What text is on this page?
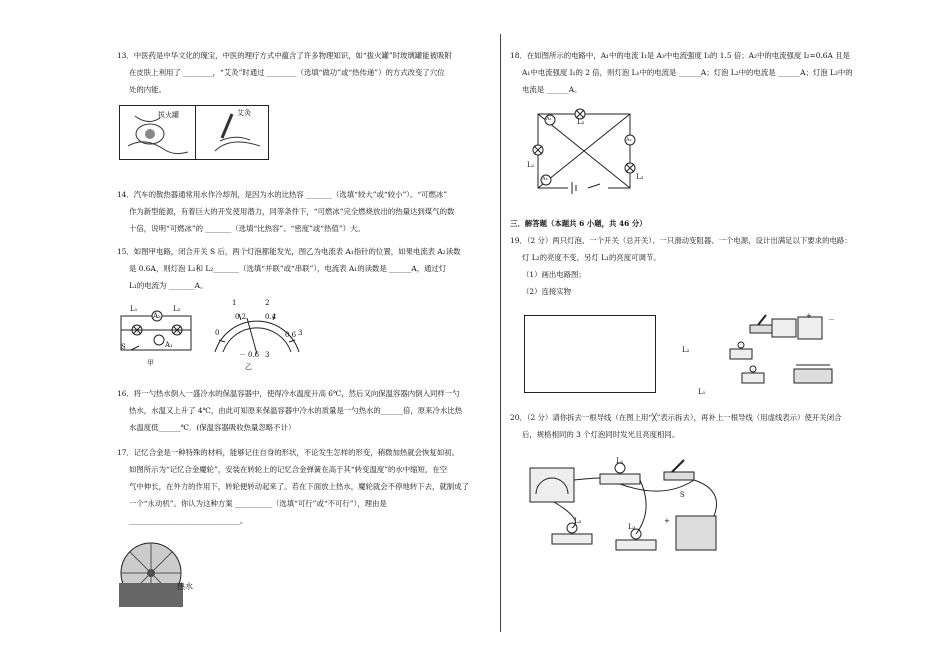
13．中医药是中华文化的瑰宝，中医的理疗方式中蕴含了许多物理知识，如“拔火罐”时玻璃罐能被吸附
在皮肤上利用了 ________，“艾灸”时通过 ________（选填“做功”或“热传递”）的方式改变了穴位
处的内能。
拔火罐	艾灸
14．汽车的散热器通常用水作冷却剂，是因为水的比热容 _______（选填“较大”或“较小”）。“可燃冰”
作为新型能源，有着巨大的开发使用潜力，同等条件下，“可燃冰”完全燃烧放出的热量达到煤气的数
十倍，说明“可燃冰”的 _______（选填“比热容”、“密度”或“热值”）大。
15．如图甲电路，闭合开关 S 后，两个灯泡都能发光，图乙为电流表 A₁指针的位置，如果电流表 A₂读数
是 0.6A，则灯泡 L₁和 L₂_______（选填“并联”或“串联”），电流表 A₁的读数是 ______A，通过灯
L₁的电流为 _______A。
L₁
A₂
L₂
S	A₁
甲
1	2
0
0.2	0.4
3
0.6
－ 0.6 3
乙
16．将一勺热水倒入一盛冷水的保温容器中，使得冷水温度升高 6℃，然后又向保温容器内倒入同样一勺
热水，水温又上升了 4℃，由此可知原来保温容器中冷水的质量是一勺热水的______倍，原来冷水比热
水温度低______℃．(保温容器吸收热量忽略不计）
17．记忆合金是一种特殊的材料，能够记住自身的形状，不论发生怎样的形变，稍微加热就会恢复如初。
如图所示为“记忆合金魔轮”，安装在转轮上的记忆合金弹簧在高于其“转变温度”的水中缩短，在空
气中伸长，在外力的作用下，转轮便转动起来了。若在下面放上热水，魔轮就会不停地转下去，就制成了
一个“永动机”。你认为这种方案 __________（选填“可行”或“不可行”），理由是
______________________________。
热水
18．在如图所示的电路中，A₁中的电流 I₁是 A₃中电流强度 I₃的 1.5 倍；A₂中的电流强度 I₂=0.6A 且是
A₁中电流强度 I₁的 2 倍，则灯泡 L₁中的电流是 ______A；灯泡 L₂中的电流是 ______A；灯泡 L₃中的
电流是 ______A。
A₁	L₂
A₂
L₁
A₃	L₃
三．解答题（本题共 6 小题，共 46 分）
19．（2 分）两只灯泡、一个开关（总开关）、一只滑动变阻器、一个电源，设计出满足以下要求的电路：
灯 L₂的亮度不变，另灯 L₁的亮度可调节。
（1）画出电路图；
（2）连接实物
L₂
L₁
+ －
20．（2 分）请你拆去一根导线（在图上用“╳”表示拆去），再补上一根导线（用虚线表示）使开关闭合
后，规格相同的 3 个灯泡同时发光且亮度相同。
L₁
S
L₂
L₃
+
